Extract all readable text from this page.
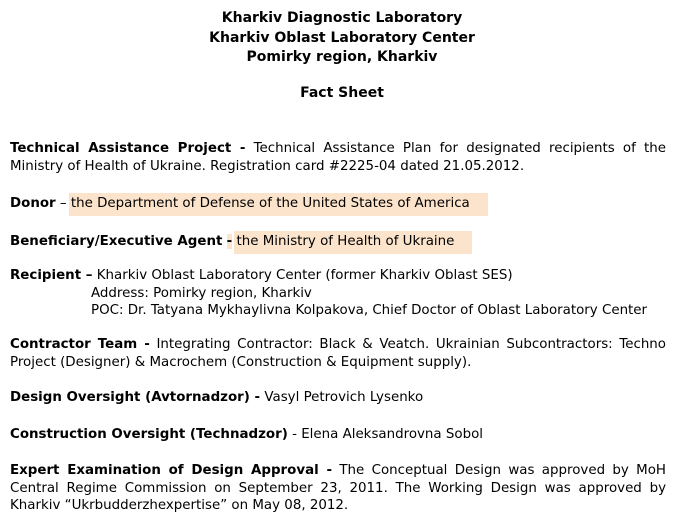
Kharkiv Diagnostic Laboratory
Kharkiv Oblast Laboratory Center
Pomirky region, Kharkiv
Fact Sheet
Technical Assistance Project - Technical Assistance Plan for designated recipients of the Ministry of Health of Ukraine. Registration card #2225-04 dated 21.05.2012.
Donor – the Department of Defense of the United States of America
Beneficiary/Executive Agent - the Ministry of Health of Ukraine
Recipient – Kharkiv Oblast Laboratory Center (former Kharkiv Oblast SES)
Address: Pomirky region, Kharkiv
POC: Dr. Tatyana Mykhaylivna Kolpakova, Chief Doctor of Oblast Laboratory Center
Contractor Team - Integrating Contractor: Black & Veatch. Ukrainian Subcontractors: Techno Project (Designer) & Macrochem (Construction & Equipment supply).
Design Oversight (Avtornadzor) - Vasyl Petrovich Lysenko
Construction Oversight (Technadzor) - Elena Aleksandrovna Sobol
Expert Examination of Design Approval - The Conceptual Design was approved by MoH Central Regime Commission on September 23, 2011. The Working Design was approved by Kharkiv “Ukrbudderzhexpertise” on May 08, 2012.
